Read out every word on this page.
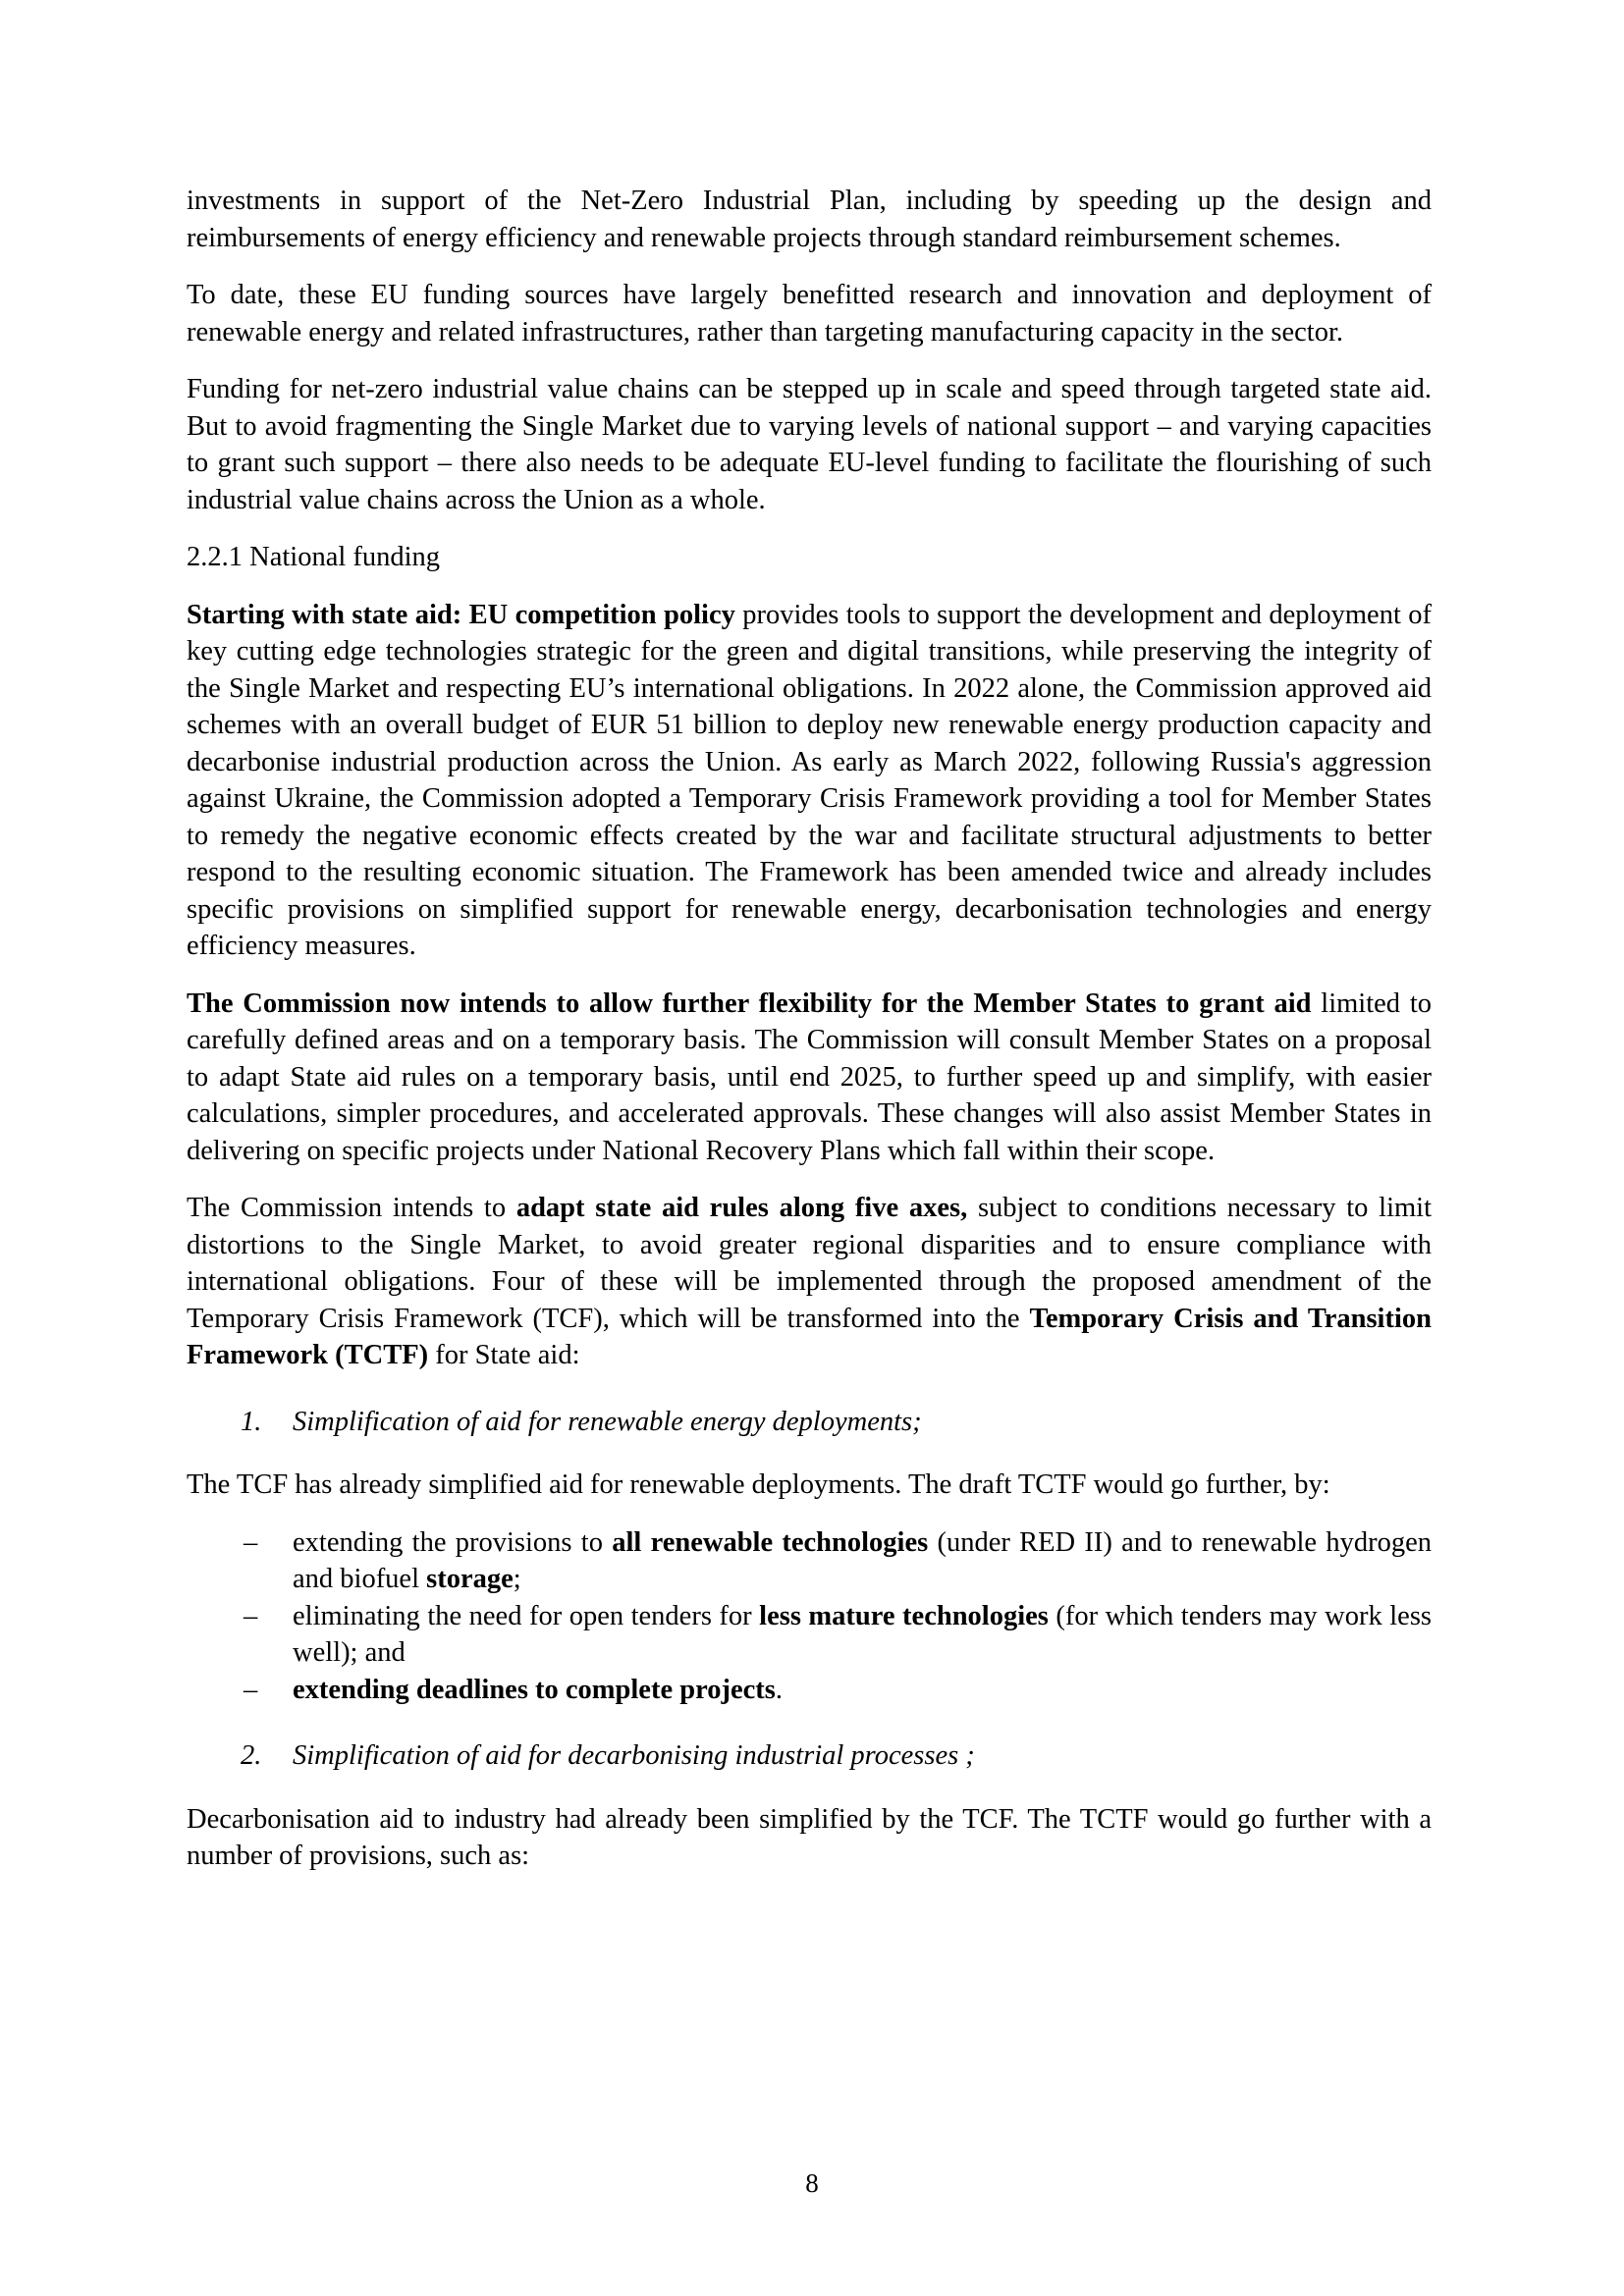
investments in support of the Net-Zero Industrial Plan, including by speeding up the design and reimbursements of energy efficiency and renewable projects through standard reimbursement schemes.

To date, these EU funding sources have largely benefitted research and innovation and deployment of renewable energy and related infrastructures, rather than targeting manufacturing capacity in the sector.

Funding for net-zero industrial value chains can be stepped up in scale and speed through targeted state aid. But to avoid fragmenting the Single Market due to varying levels of national support – and varying capacities to grant such support – there also needs to be adequate EU-level funding to facilitate the flourishing of such industrial value chains across the Union as a whole.

2.2.1 National funding

Starting with state aid: EU competition policy provides tools to support the development and deployment of key cutting edge technologies strategic for the green and digital transitions, while preserving the integrity of the Single Market and respecting EU’s international obligations. In 2022 alone, the Commission approved aid schemes with an overall budget of EUR 51 billion to deploy new renewable energy production capacity and decarbonise industrial production across the Union. As early as March 2022, following Russia's aggression against Ukraine, the Commission adopted a Temporary Crisis Framework providing a tool for Member States to remedy the negative economic effects created by the war and facilitate structural adjustments to better respond to the resulting economic situation. The Framework has been amended twice and already includes specific provisions on simplified support for renewable energy, decarbonisation technologies and energy efficiency measures.

The Commission now intends to allow further flexibility for the Member States to grant aid limited to carefully defined areas and on a temporary basis. The Commission will consult Member States on a proposal to adapt State aid rules on a temporary basis, until end 2025, to further speed up and simplify, with easier calculations, simpler procedures, and accelerated approvals. These changes will also assist Member States in delivering on specific projects under National Recovery Plans which fall within their scope.

The Commission intends to adapt state aid rules along five axes, subject to conditions necessary to limit distortions to the Single Market, to avoid greater regional disparities and to ensure compliance with international obligations. Four of these will be implemented through the proposed amendment of the Temporary Crisis Framework (TCF), which will be transformed into the Temporary Crisis and Transition Framework (TCTF) for State aid:

1.	Simplification of aid for renewable energy deployments;

The TCF has already simplified aid for renewable deployments. The draft TCTF would go further, by:

–	extending the provisions to all renewable technologies (under RED II) and to renewable hydrogen and biofuel storage;
–	eliminating the need for open tenders for less mature technologies (for which tenders may work less well); and
–	extending deadlines to complete projects.
2.	Simplification of aid for decarbonising industrial processes ;

Decarbonisation aid to industry had already been simplified by the TCF. The TCTF would go further with a number of provisions, such as:

8
